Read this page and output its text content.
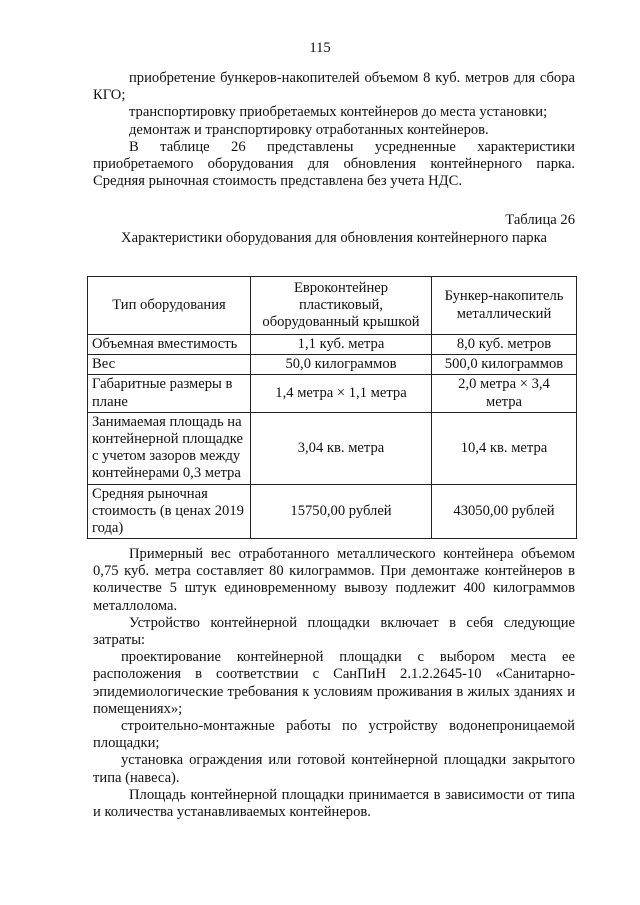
115

приобретение бункеров-накопителей объемом 8 куб. метров для сбора КГО;

транспортировку приобретаемых контейнеров до места установки;

демонтаж и транспортировку отработанных контейнеров.

В таблице 26 представлены усредненные характеристики приобретаемого оборудования для обновления контейнерного парка. Средняя рыночная стоимость представлена без учета НДС.

Таблица 26
Характеристики оборудования для обновления контейнерного парка
Тип оборудования	Евроконтейнер пластиковый, оборудованный крышкой	Бункер-накопитель металлический
Объемная вместимость	1,1 куб. метра	8,0 куб. метров
Вес	50,0 килограммов	500,0 килограммов
Габаритные размеры в плане	1,4 метра × 1,1 метра	2,0 метра × 3,4 метра
Занимаемая площадь на контейнерной площадке с учетом зазоров между контейнерами 0,3 метра	3,04 кв. метра	10,4 кв. метра
Средняя рыночная стоимость (в ценах 2019 года)	15750,00 рублей	43050,00 рублей

Примерный вес отработанного металлического контейнера объемом 0,75 куб. метра составляет 80 килограммов. При демонтаже контейнеров в количестве 5 штук единовременному вывозу подлежит 400 килограммов металлолома.

Устройство контейнерной площадки включает в себя следующие затраты:

проектирование контейнерной площадки с выбором места ее расположения в соответствии с СанПиН 2.1.2.2645-10 «Санитарно-эпидемиологические требования к условиям проживания в жилых зданиях и помещениях»;

строительно-монтажные работы по устройству водонепроницаемой площадки;

установка ограждения или готовой контейнерной площадки закрытого типа (навеса).

Площадь контейнерной площадки принимается в зависимости от типа и количества устанавливаемых контейнеров.
